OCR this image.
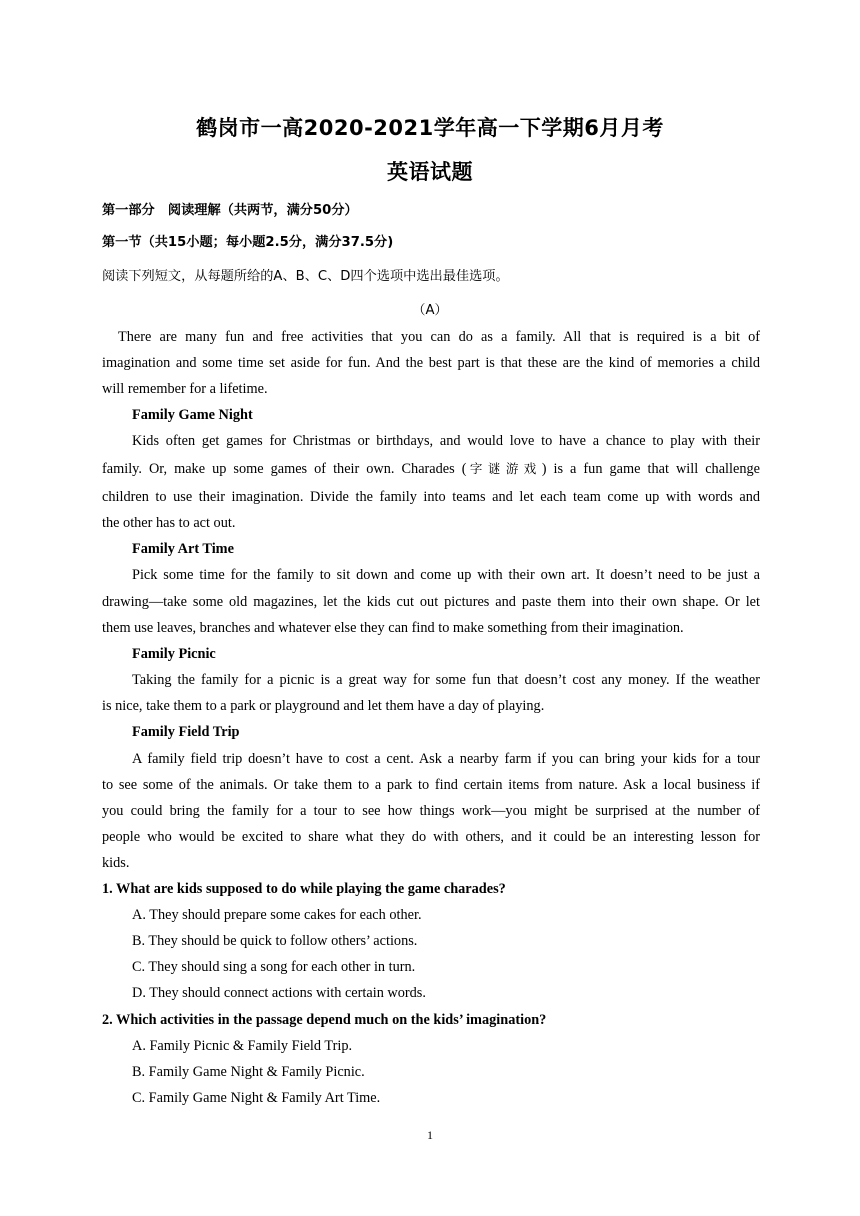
鹤岗市一高2020-2021学年高一下学期6月月考
英语试题
第一部分　阅读理解（共两节，满分50分）
第一节（共15小题；每小题2.5分，满分37.5分)
阅读下列短文，从每题所给的A、B、C、D四个选项中选出最佳选项。
（A）
There are many fun and free activities that you can do as a family. All that is required is a bit of
imagination and some time set aside for fun. And the best part is that these are the kind of memories a child
will remember for a lifetime.
Family Game Night
Kids often get games for Christmas or birthdays, and would love to have a chance to play with their
family. Or, make up some games of their own. Charades (字谜游戏) is a fun game that will challenge
children to use their imagination. Divide the family into teams and let each team come up with words and
the other has to act out.
Family Art Time
Pick some time for the family to sit down and come up with their own art. It doesn’t need to be just a
drawing—take some old magazines, let the kids cut out pictures and paste them into their own shape. Or let
them use leaves, branches and whatever else they can find to make something from their imagination.
Family Picnic
Taking the family for a picnic is a great way for some fun that doesn’t cost any money. If the weather
is nice, take them to a park or playground and let them have a day of playing.
Family Field Trip
A family field trip doesn’t have to cost a cent. Ask a nearby farm if you can bring your kids for a tour
to see some of the animals. Or take them to a park to find certain items from nature. Ask a local business if
you could bring the family for a tour to see how things work—you might be surprised at the number of
people who would be excited to share what they do with others, and it could be an interesting lesson for
kids.
1. What are kids supposed to do while playing the game charades?
A. They should prepare some cakes for each other.
B. They should be quick to follow others’ actions.
C. They should sing a song for each other in turn.
D. They should connect actions with certain words.
2. Which activities in the passage depend much on the kids’ imagination?
A. Family Picnic & Family Field Trip.
B. Family Game Night & Family Picnic.
C. Family Game Night & Family Art Time.
1
